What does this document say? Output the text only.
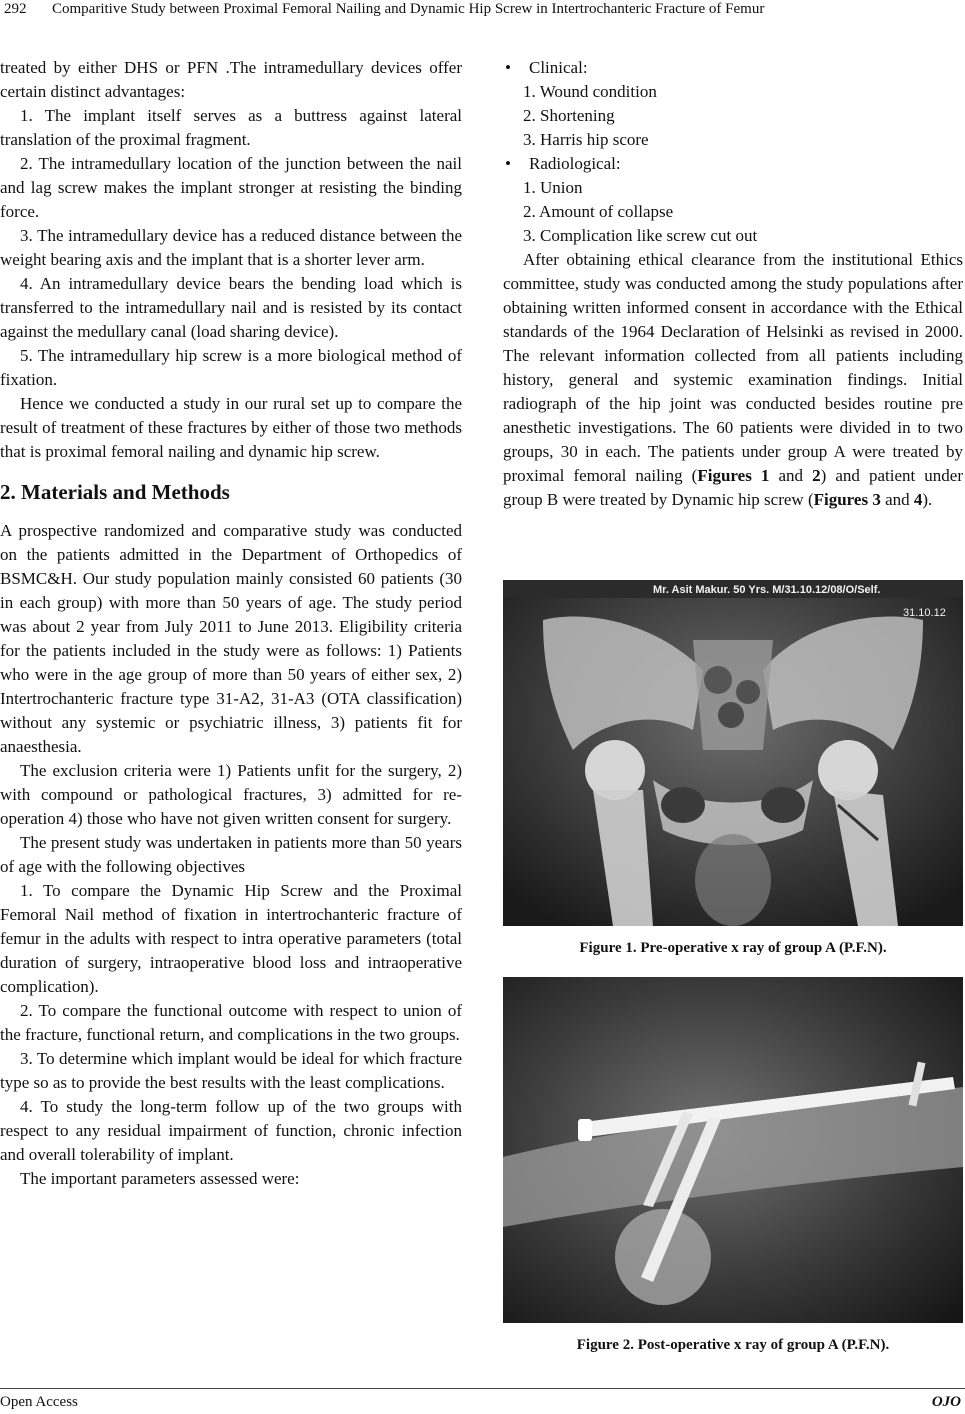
292 Comparitive Study between Proximal Femoral Nailing and Dynamic Hip Screw in Intertrochanteric Fracture of Femur

treated by either DHS or PFN .The intramedullary devices offer certain distinct advantages:

1. The implant itself serves as a buttress against lateral translation of the proximal fragment.

2. The intramedullary location of the junction between the nail and lag screw makes the implant stronger at resisting the binding force.

3. The intramedullary device has a reduced distance between the weight bearing axis and the implant that is a shorter lever arm.

4. An intramedullary device bears the bending load which is transferred to the intramedullary nail and is resisted by its contact against the medullary canal (load sharing device).

5. The intramedullary hip screw is a more biological method of fixation.

Hence we conducted a study in our rural set up to compare the result of treatment of these fractures by either of those two methods that is proximal femoral nailing and dynamic hip screw.

2. Materials and Methods

A prospective randomized and comparative study was conducted on the patients admitted in the Department of Orthopedics of BSMC&H. Our study population mainly consisted 60 patients (30 in each group) with more than 50 years of age. The study period was about 2 year from July 2011 to June 2013. Eligibility criteria for the patients included in the study were as follows: 1) Patients who were in the age group of more than 50 years of either sex, 2) Intertrochanteric fracture type 31-A2, 31-A3 (OTA classification) without any systemic or psychiatric illness, 3) patients fit for anaesthesia.

The exclusion criteria were 1) Patients unfit for the surgery, 2) with compound or pathological fractures, 3) admitted for re-operation 4) those who have not given written consent for surgery.

The present study was undertaken in patients more than 50 years of age with the following objectives

1. To compare the Dynamic Hip Screw and the Proximal Femoral Nail method of fixation in intertrochanteric fracture of femur in the adults with respect to intra operative parameters (total duration of surgery, intraoperative blood loss and intraoperative complication).

2. To compare the functional outcome with respect to union of the fracture, functional return, and complications in the two groups.

3. To determine which implant would be ideal for which fracture type so as to provide the best results with the least complications.

4. To study the long-term follow up of the two groups with respect to any residual impairment of function, chronic infection and overall tolerability of implant.

The important parameters assessed were:

•	Clinical:

1. Wound condition

2. Shortening

3. Harris hip score

•	Radiological:

1. Union

2. Amount of collapse

3. Complication like screw cut out

After obtaining ethical clearance from the institutional Ethics committee, study was conducted among the study populations after obtaining written informed consent in accordance with the Ethical standards of the 1964 Declaration of Helsinki as revised in 2000. The relevant information collected from all patients including history, general and systemic examination findings. Initial radiograph of the hip joint was conducted besides routine pre anesthetic investigations. The 60 patients were divided in to two groups, 30 in each. The patients under group A were treated by proximal femoral nailing (Figures 1 and 2) and patient under group B were treated by Dynamic hip screw (Figures 3 and 4).

Mr. Asit Makur. 50 Yrs. M/31.10.12/08/O/Self.
31.10.12
Figure 1. Pre-operative x ray of group A (P.F.N).
Figure 2. Post-operative x ray of group A (P.F.N).
Open Access	OJO
